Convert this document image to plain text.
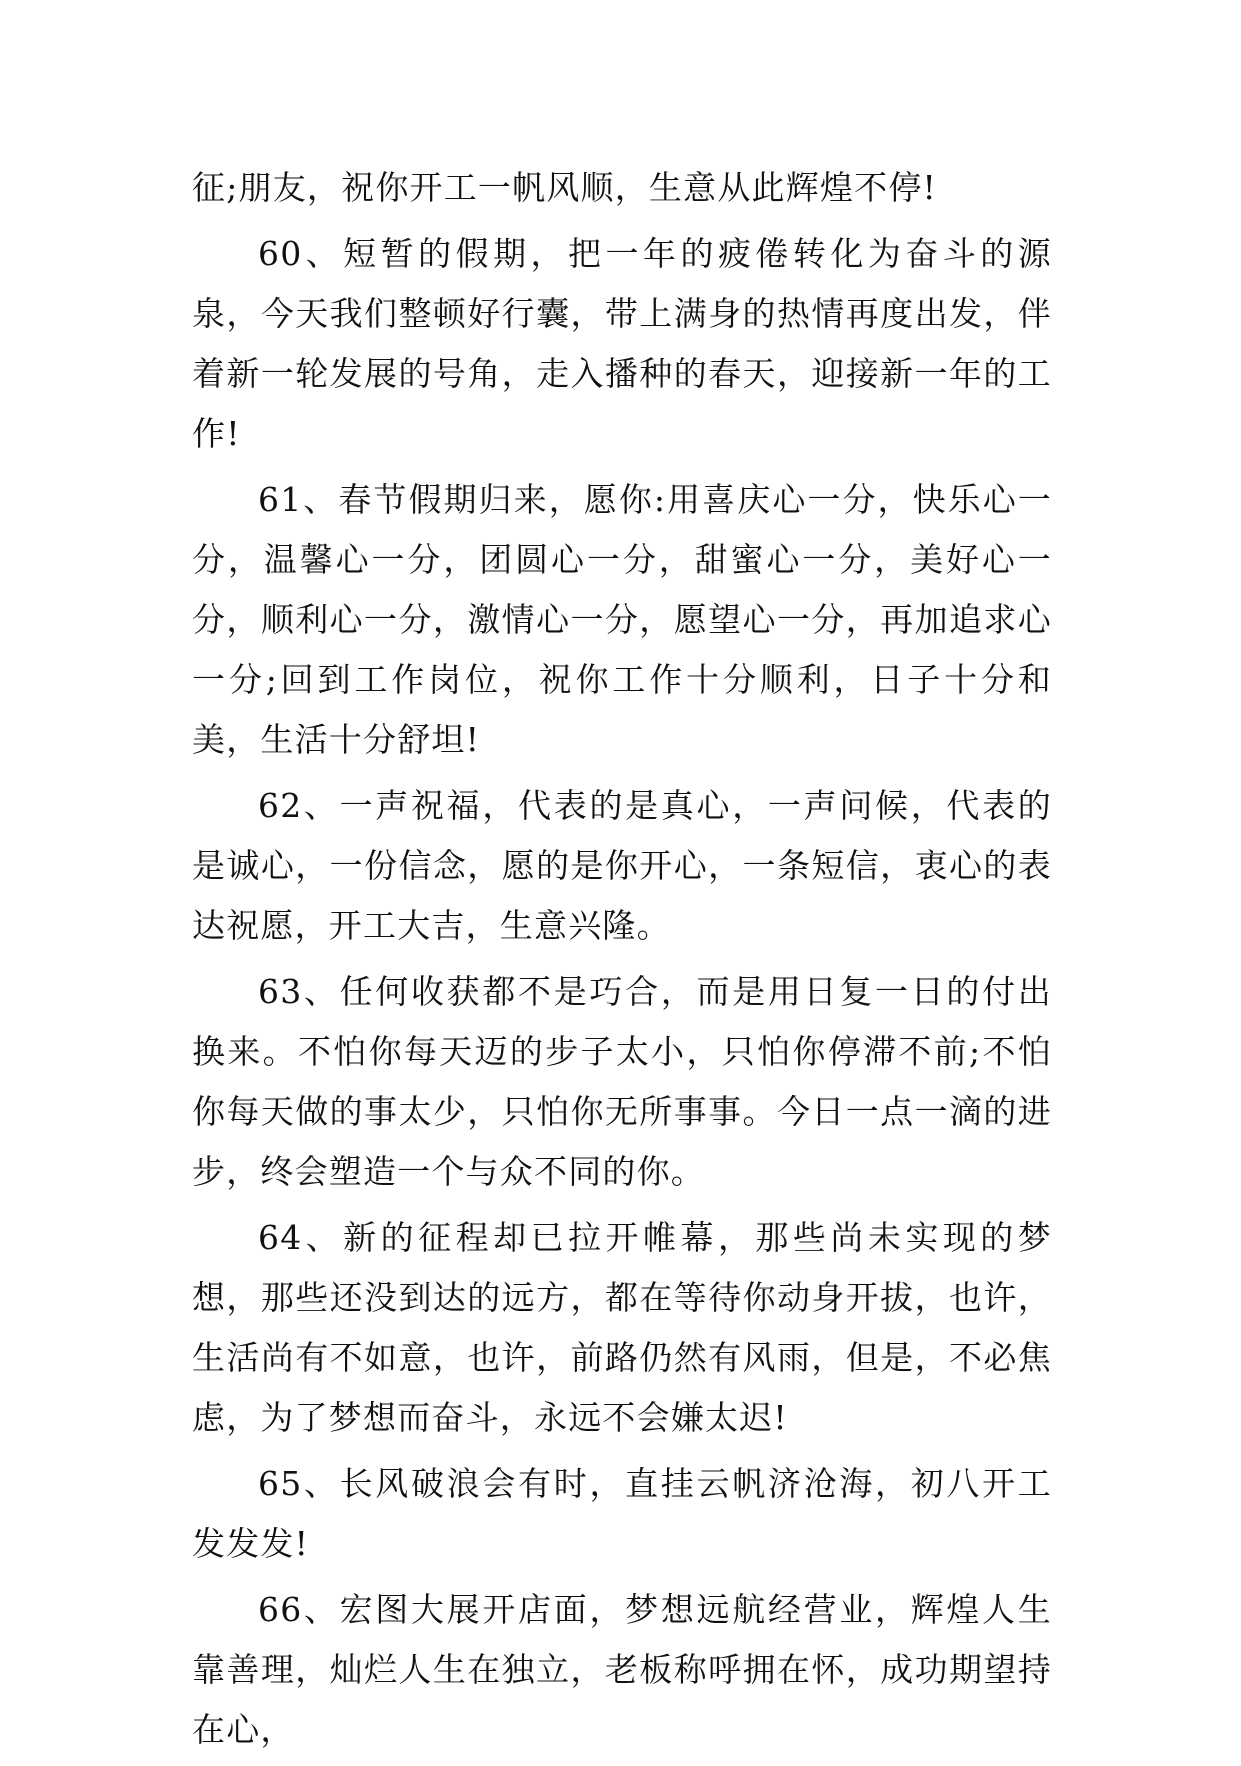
征;朋友，祝你开工一帆风顺，生意从此辉煌不停!

60、短暂的假期，把一年的疲倦转化为奋斗的源泉，今天我们整顿好行囊，带上满身的热情再度出发，伴着新一轮发展的号角，走入播种的春天，迎接新一年的工作!

61、春节假期归来，愿你:用喜庆心一分，快乐心一分，温馨心一分，团圆心一分，甜蜜心一分，美好心一分，顺利心一分，激情心一分，愿望心一分，再加追求心一分;回到工作岗位，祝你工作十分顺利，日子十分和美，生活十分舒坦!

62、一声祝福，代表的是真心，一声问候，代表的是诚心，一份信念，愿的是你开心，一条短信，衷心的表达祝愿，开工大吉，生意兴隆。

63、任何收获都不是巧合，而是用日复一日的付出换来。不怕你每天迈的步子太小，只怕你停滞不前;不怕你每天做的事太少，只怕你无所事事。今日一点一滴的进步，终会塑造一个与众不同的你。

64、新的征程却已拉开帷幕，那些尚未实现的梦想，那些还没到达的远方，都在等待你动身开拔，也许，生活尚有不如意，也许，前路仍然有风雨，但是，不必焦虑，为了梦想而奋斗，永远不会嫌太迟!

65、长风破浪会有时，直挂云帆济沧海，初八开工发发发!

66、宏图大展开店面，梦想远航经营业，辉煌人生靠善理，灿烂人生在独立，老板称呼拥在怀，成功期望持在心，
